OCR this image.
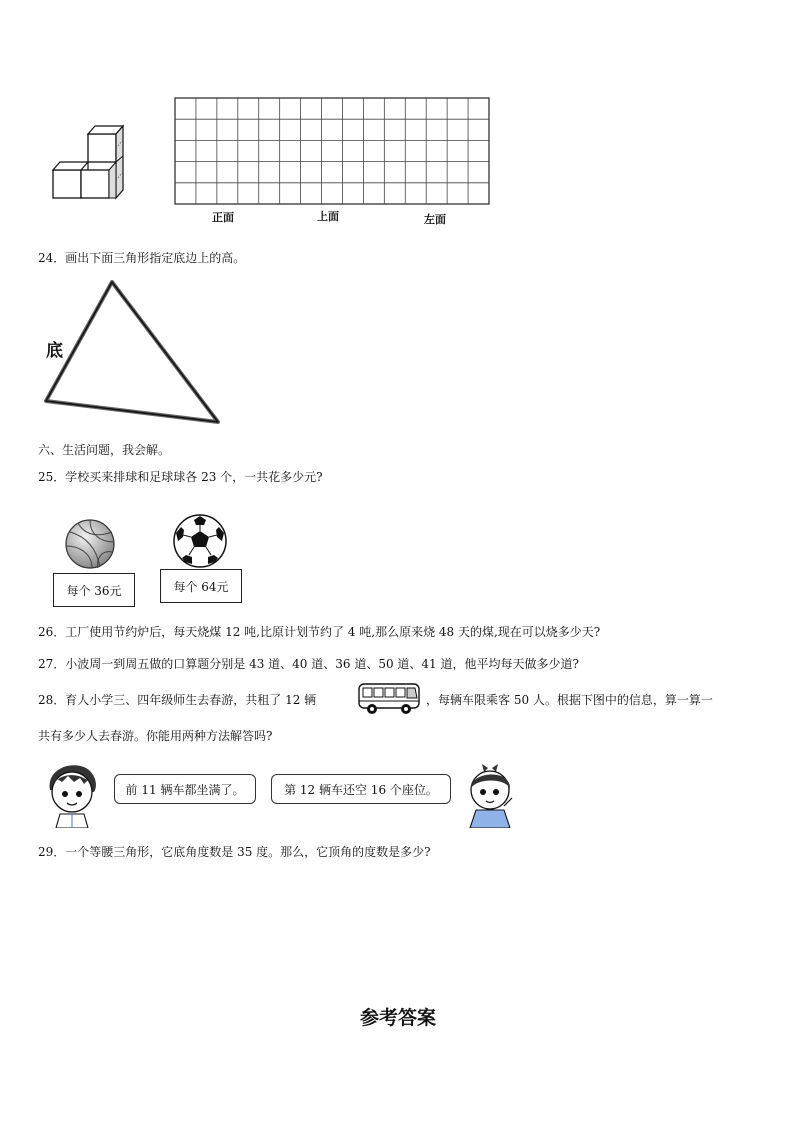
正面	上面	左面
24．画出下面三角形指定底边上的高。
底
六、生活问题，我会解。
25．学校买来排球和足球球各 23 个，一共花多少元?
每个 36元	每个 64元
26．工厂使用节约炉后，每天烧煤 12 吨,比原计划节约了 4 吨,那么原来烧 48 天的煤,现在可以烧多少天?
27．小波周一到周五做的口算题分别是 43 道、40 道、36 道、50 道、41 道，他平均每天做多少道?
28．育人小学三、四年级师生去春游，共租了 12 辆	，每辆车限乘客 50 人。根据下图中的信息，算一算一
共有多少人去春游。你能用两种方法解答吗?
前 11 辆车都坐满了。	第 12 辆车还空 16 个座位。
29．一个等腰三角形，它底角度数是 35 度。那么，它顶角的度数是多少?
参考答案
